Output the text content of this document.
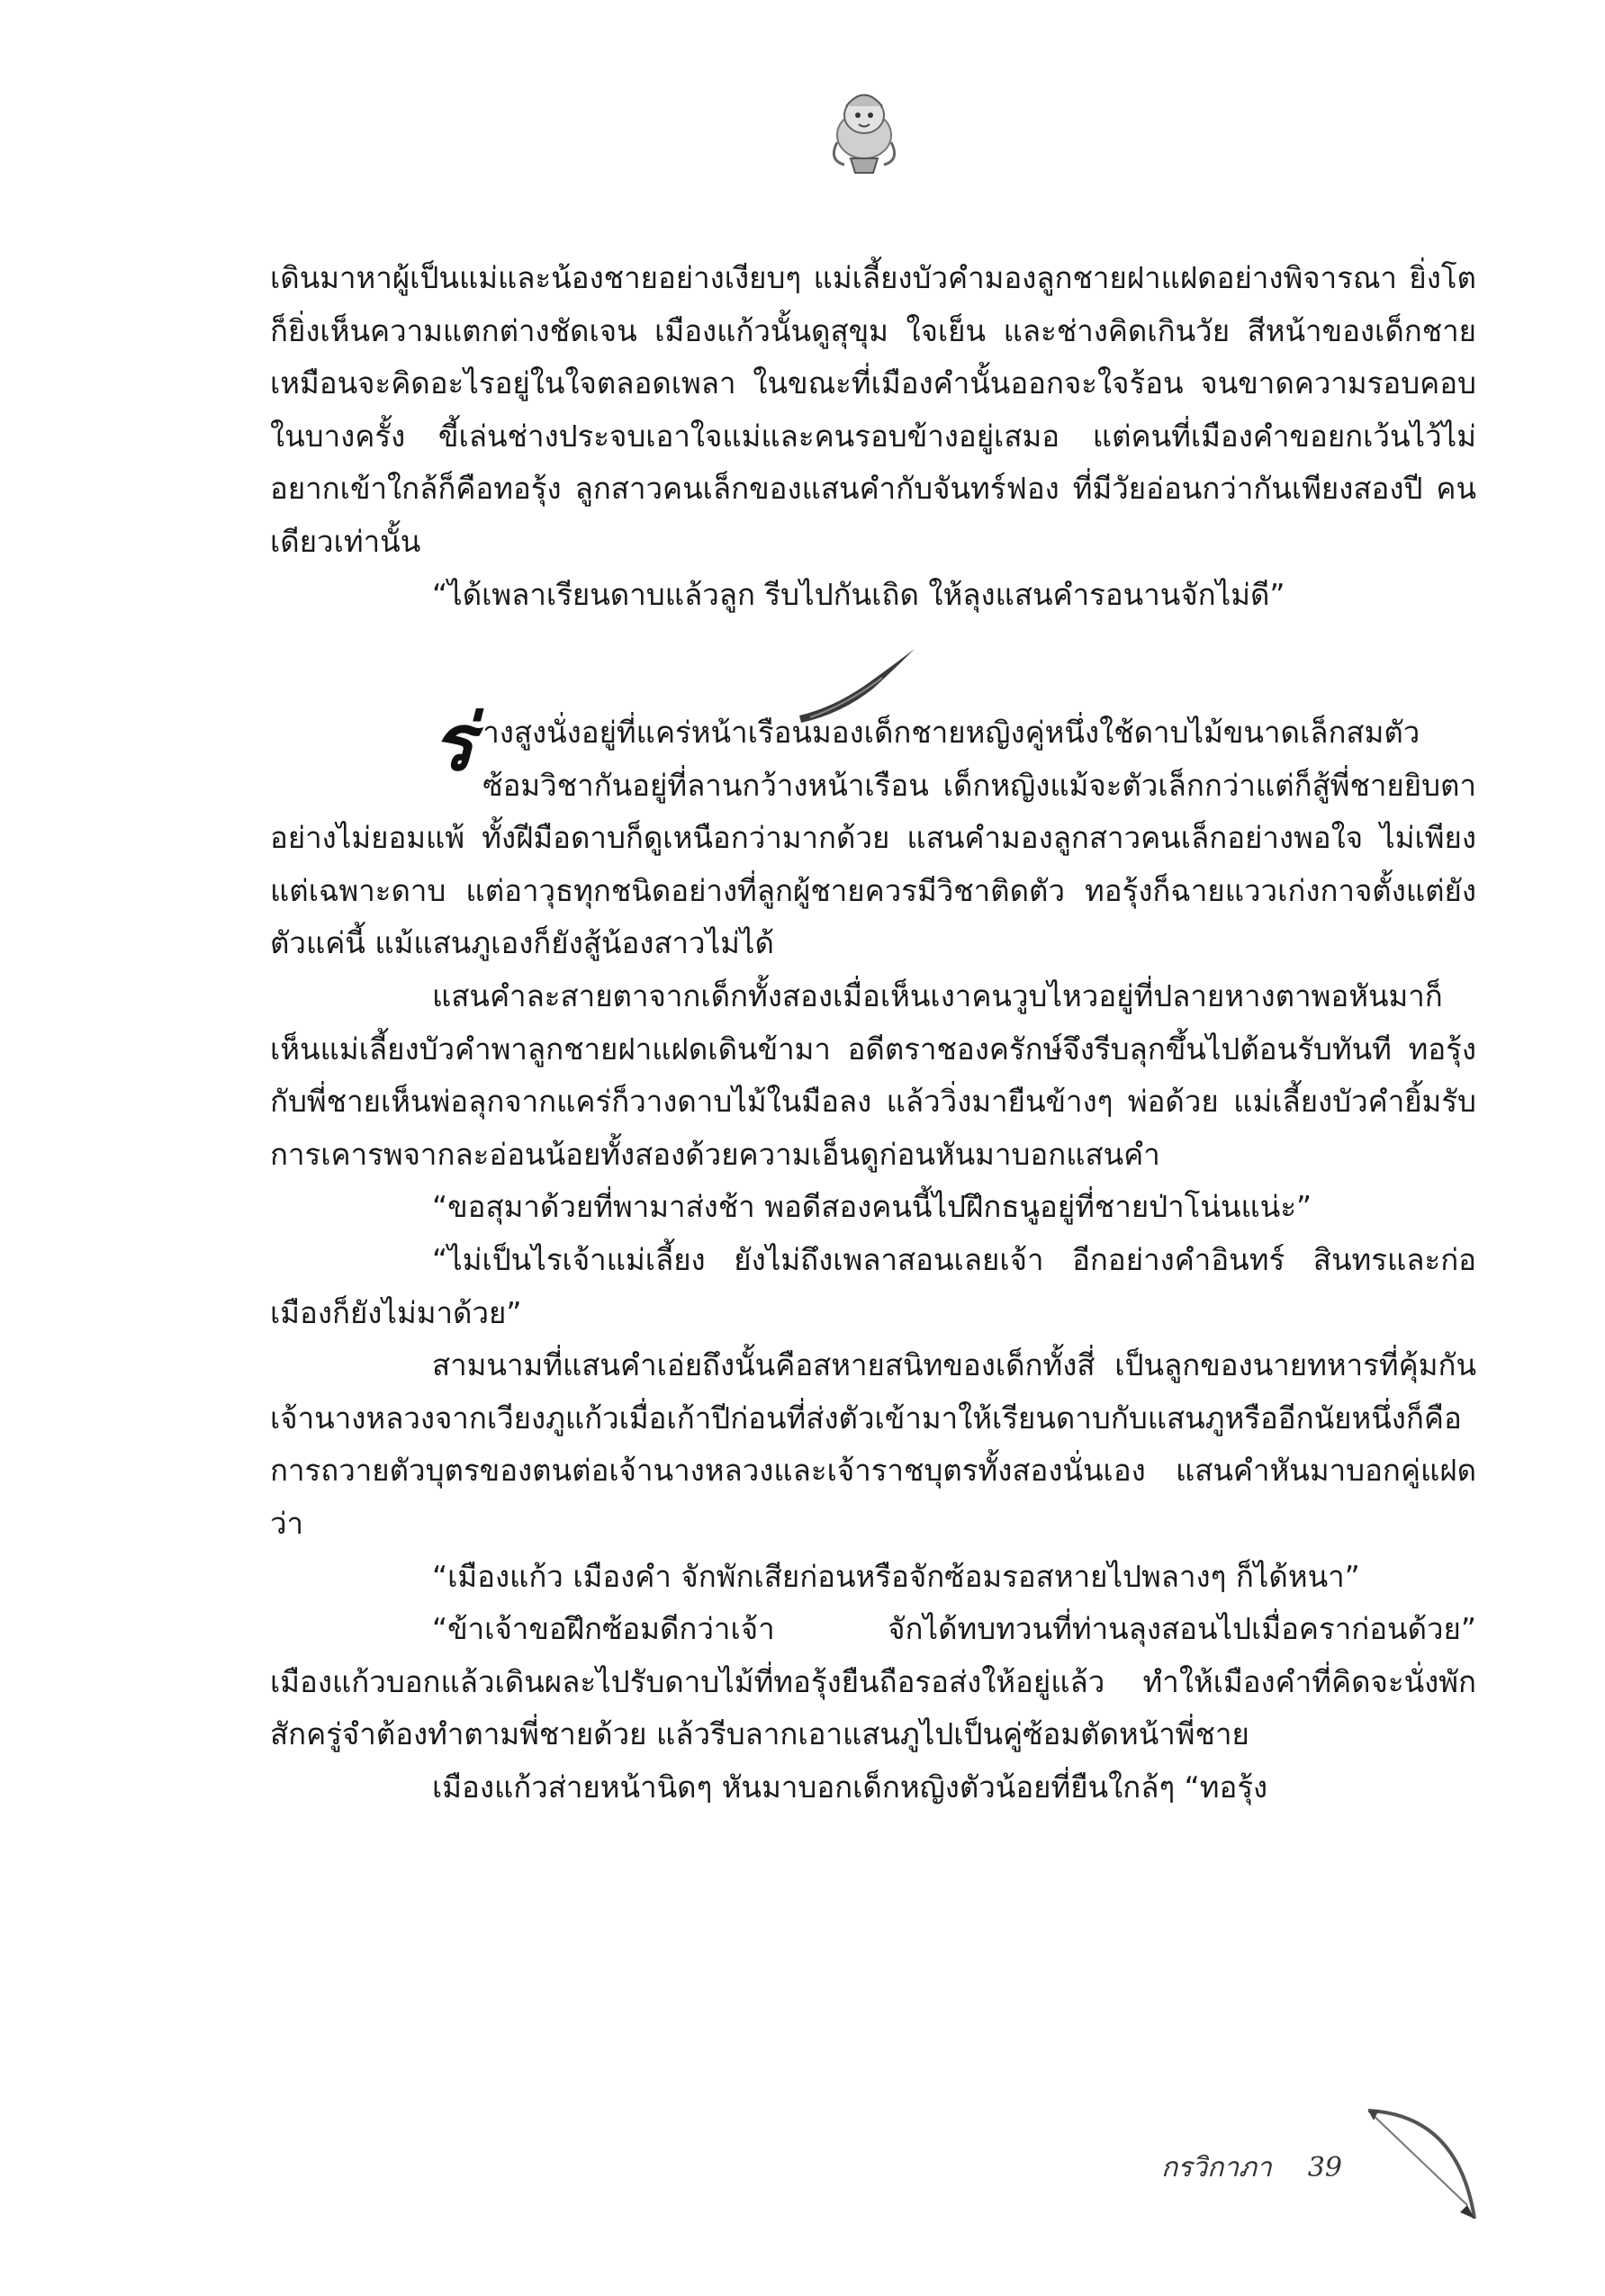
เดินมาหาผู้เป็นแม่และน้องชายอย่างเงียบๆ แม่เลี้ยงบัวคำมองลูกชายฝาแฝดอย่างพิจารณา ยิ่งโตก็ยิ่งเห็นความแตกต่างชัดเจน เมืองแก้วนั้นดูสุขุม ใจเย็น และช่างคิดเกินวัย สีหน้าของเด็กชายเหมือนจะคิดอะไรอยู่ในใจตลอดเพลา ในขณะที่เมืองคำนั้นออกจะใจร้อน จนขาดความรอบคอบในบางครั้ง ขี้เล่นช่างประจบเอาใจแม่และคนรอบข้างอยู่เสมอ แต่คนที่เมืองคำขอยกเว้นไว้ไม่อยากเข้าใกล้ก็คือทอรุ้ง ลูกสาวคนเล็กของแสนคำกับจันทร์ฟอง ที่มีวัยอ่อนกว่ากันเพียงสองปี คนเดียวเท่านั้น

“ได้เพลาเรียนดาบแล้วลูก รีบไปกันเถิด ให้ลุงแสนคำรอนานจักไม่ดี”

ร่างสูงนั่งอยู่ที่แคร่หน้าเรือนมองเด็กชายหญิงคู่หนึ่งใช้ดาบไม้ขนาดเล็กสมตัวซ้อมวิชากันอยู่ที่ลานกว้างหน้าเรือน เด็กหญิงแม้จะตัวเล็กกว่าแต่ก็สู้พี่ชายยิบตาอย่างไม่ยอมแพ้ ทั้งฝีมือดาบก็ดูเหนือกว่ามากด้วย แสนคำมองลูกสาวคนเล็กอย่างพอใจ ไม่เพียงแต่เฉพาะดาบ แต่อาวุธทุกชนิดอย่างที่ลูกผู้ชายควรมีวิชาติดตัว ทอรุ้งก็ฉายแววเก่งกาจตั้งแต่ยังตัวแค่นี้ แม้แสนภูเองก็ยังสู้น้องสาวไม่ได้

แสนคำละสายตาจากเด็กทั้งสองเมื่อเห็นเงาคนวูบไหวอยู่ที่ปลายหางตาพอหันมาก็เห็นแม่เลี้ยงบัวคำพาลูกชายฝาแฝดเดินข้ามา อดีตราชองครักษ์จึงรีบลุกขึ้นไปต้อนรับทันที ทอรุ้งกับพี่ชายเห็นพ่อลุกจากแคร่ก็วางดาบไม้ในมือลง แล้ววิ่งมายืนข้างๆ พ่อด้วย แม่เลี้ยงบัวคำยิ้มรับการเคารพจากละอ่อนน้อยทั้งสองด้วยความเอ็นดูก่อนหันมาบอกแสนคำ

“ขอสุมาด้วยที่พามาส่งช้า พอดีสองคนนี้ไปฝึกธนูอยู่ที่ชายป่าโน่นแน่ะ”

“ไม่เป็นไรเจ้าแม่เลี้ยง ยังไม่ถึงเพลาสอนเลยเจ้า อีกอย่างคำอินทร์ สินทรและก่อเมืองก็ยังไม่มาด้วย”

สามนามที่แสนคำเอ่ยถึงนั้นคือสหายสนิทของเด็กทั้งสี่ เป็นลูกของนายทหารที่คุ้มกันเจ้านางหลวงจากเวียงภูแก้วเมื่อเก้าปีก่อนที่ส่งตัวเข้ามาให้เรียนดาบกับแสนภูหรืออีกนัยหนึ่งก็คือการถวายตัวบุตรของตนต่อเจ้านางหลวงและเจ้าราชบุตรทั้งสองนั่นเอง แสนคำหันมาบอกคู่แฝดว่า

“เมืองแก้ว เมืองคำ จักพักเสียก่อนหรือจักซ้อมรอสหายไปพลางๆ ก็ได้หนา”

“ข้าเจ้าขอฝึกซ้อมดีกว่าเจ้า จักได้ทบทวนที่ท่านลุงสอนไปเมื่อคราก่อนด้วย” เมืองแก้วบอกแล้วเดินผละไปรับดาบไม้ที่ทอรุ้งยืนถือรอส่งให้อยู่แล้ว ทำให้เมืองคำที่คิดจะนั่งพักสักครู่จำต้องทำตามพี่ชายด้วย แล้วรีบลากเอาแสนภูไปเป็นคู่ซ้อมตัดหน้าพี่ชาย

เมืองแก้วส่ายหน้านิดๆ หันมาบอกเด็กหญิงตัวน้อยที่ยืนใกล้ๆ “ทอรุ้ง

กรวิกาภา 39
